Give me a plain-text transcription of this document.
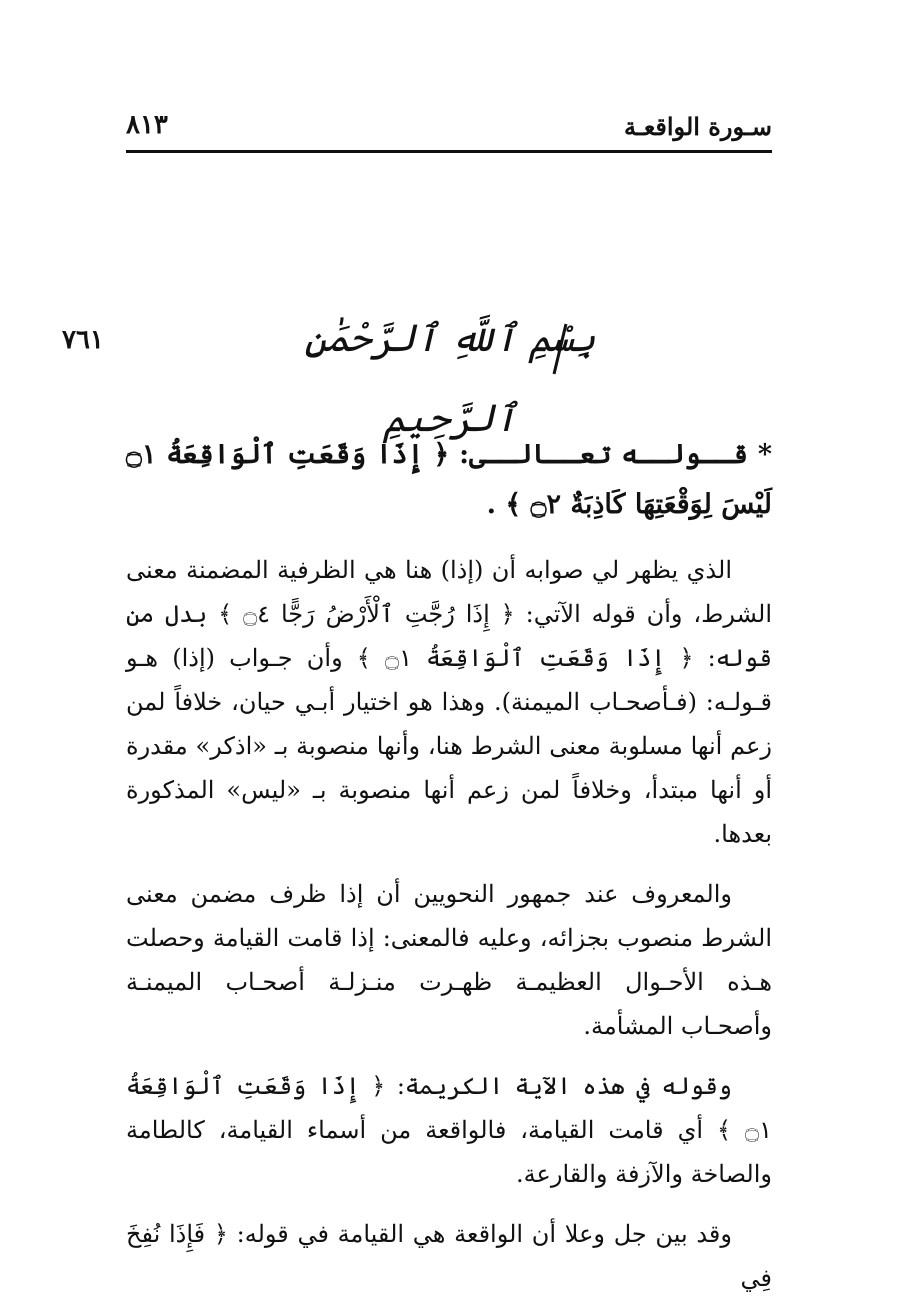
سـورة الواقعـة
٨١٣
٧٦١	بِسْمِ ٱللَّهِ ٱلرَّحْمَٰنِ ٱلرَّحِيمِ

* قــولــه تعــالــى: ﴿ إِذَا وَقَعَتِ ٱلْوَاقِعَةُ ۝١ لَيْسَ لِوَقْعَتِهَا كَاذِبَةٌ ۝٢ ﴾ .

الذي يظهر لي صوابه أن (إذا) هنا هي الظرفية المضمنة معنى الشرط، وأن قوله الآتي: ﴿ إِذَا رُجَّتِ ٱلْأَرْضُ رَجًّا ۝٤ ﴾ بدل من قوله: ﴿ إِذَا وَقَعَتِ ٱلْوَاقِعَةُ ۝١ ﴾ وأن جـواب (إذا) هـو قـولـه: (فـأصحـاب الميمنة). وهذا هو اختيار أبـي حيان، خلافاً لمن زعم أنها مسلوبة معنى الشرط هنا، وأنها منصوبة بـ «اذكر» مقدرة أو أنها مبتدأ، وخلافاً لمن زعم أنها منصوبة بـ «ليس» المذكورة بعدها.

والمعروف عند جمهور النحويين أن إذا ظرف مضمن معنى الشرط منصوب بجزائه، وعليه فالمعنى: إذا قامت القيامة وحصلت هـذه الأحـوال العظيمـة ظهـرت منـزلـة أصحـاب الميمنـة وأصحـاب المشأمة.

وقوله في هذه الآية الكريمة: ﴿ إِذَا وَقَعَتِ ٱلْوَاقِعَةُ ۝١ ﴾ أي قامت القيامة، فالواقعة من أسماء القيامة، كالطامة والصاخة والآزفة والقارعة.

وقد بين جل وعلا أن الواقعة هي القيامة في قوله: ﴿ فَإِذَا نُفِخَ فِي
